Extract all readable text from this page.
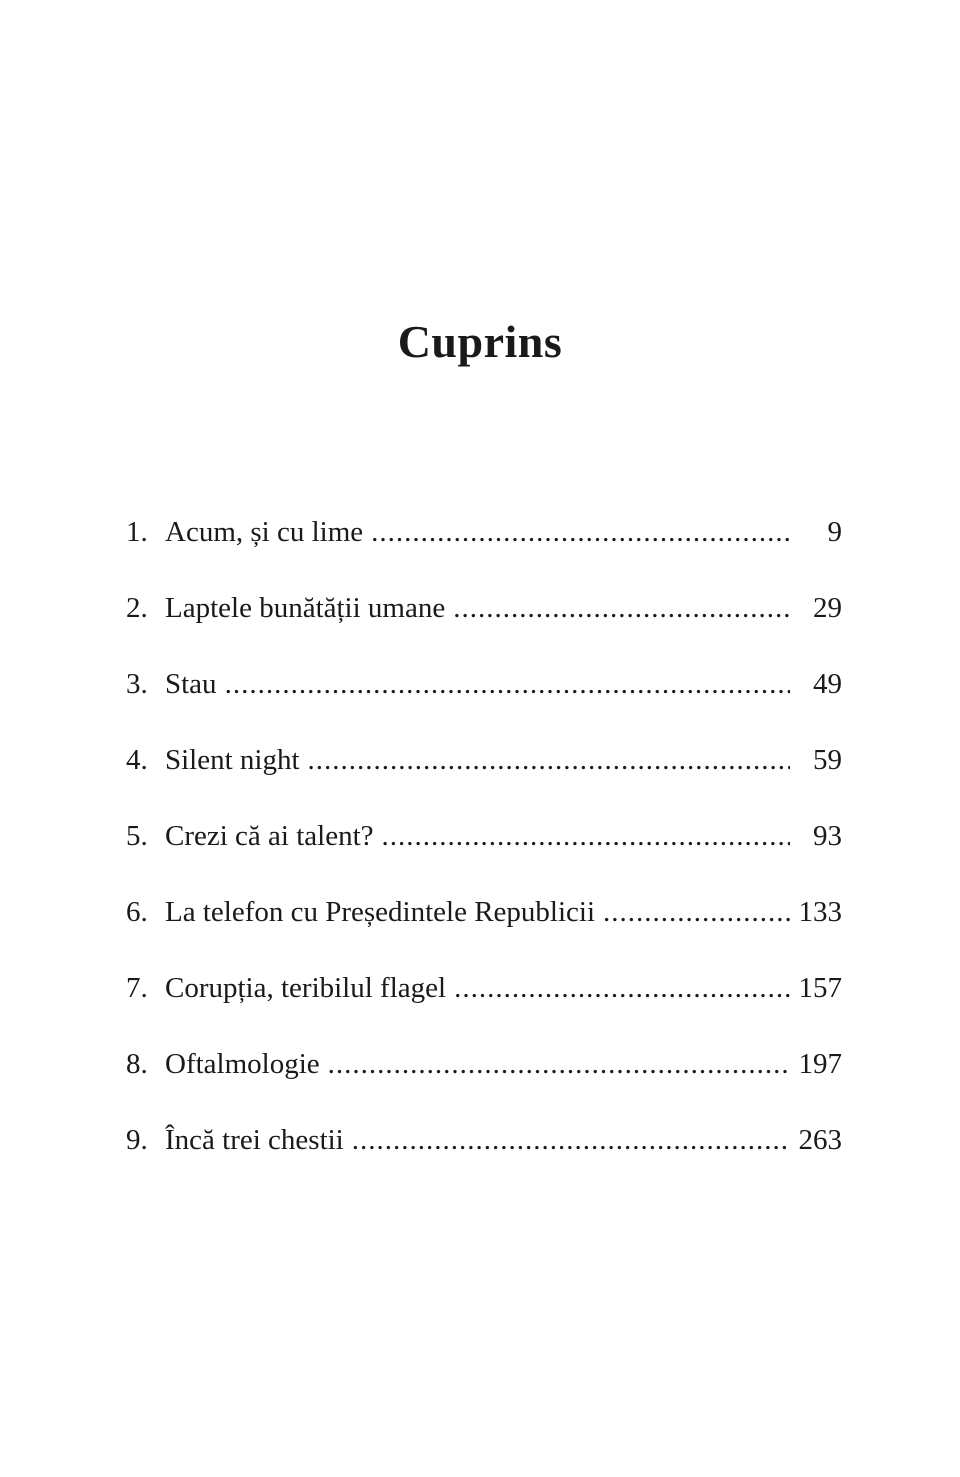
Cuprins
1. Acum, și cu lime .....	9
2. Laptele bunătății umane .....	29
3. Stau .....	49
4. Silent night .....	59
5. Crezi că ai talent? .....	93
6. La telefon cu Președintele Republicii .....	133
7. Corupția, teribilul flagel .....	157
8. Oftalmologie .....	197
9. Încă trei chestii .....	263
